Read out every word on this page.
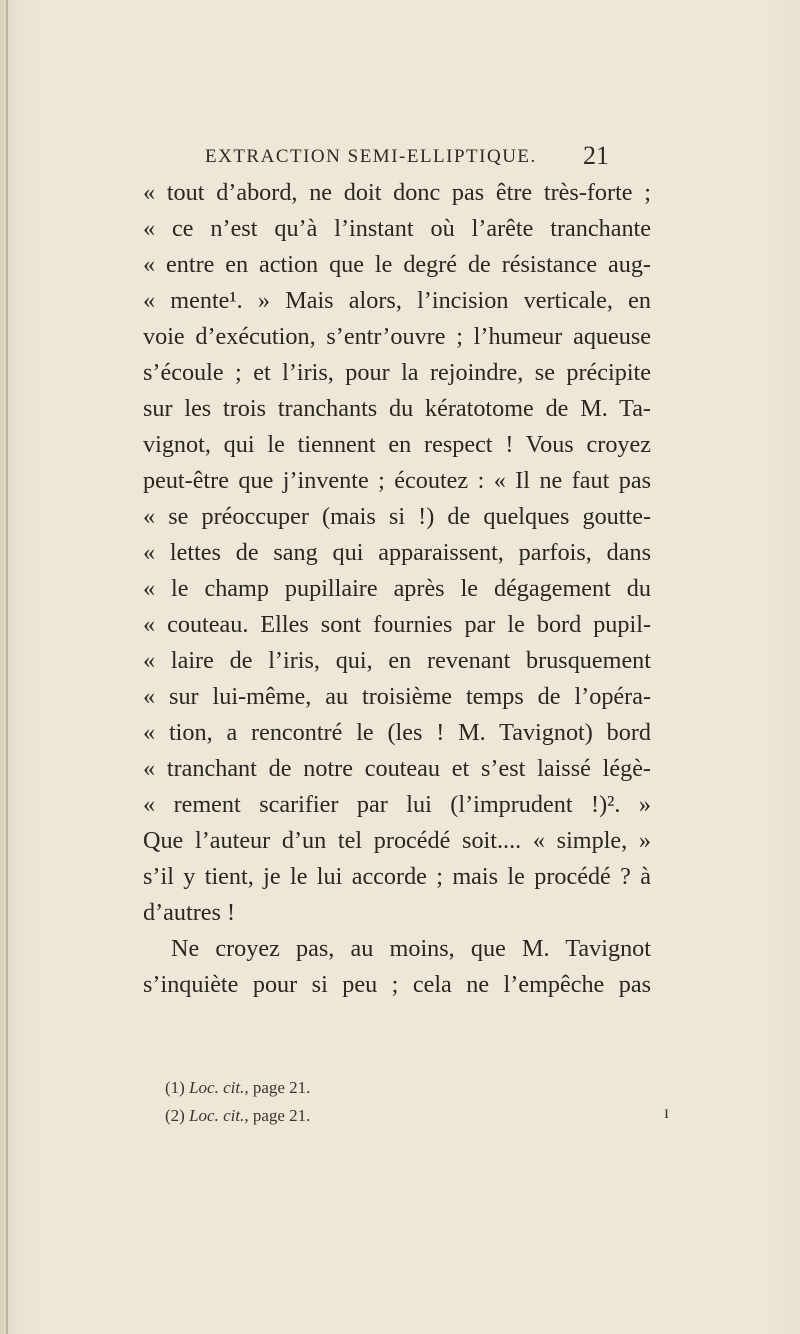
EXTRACTION SEMI-ELLIPTIQUE. 21
« tout d’abord, ne doit donc pas être très-forte ;
« ce n’est qu’à l’instant où l’arête tranchante
« entre en action que le degré de résistance aug-
« mente¹. » Mais alors, l’incision verticale, en
voie d’exécution, s’entr’ouvre ; l’humeur aqueuse
s’écoule ; et l’iris, pour la rejoindre, se précipite
sur les trois tranchants du kératotome de M. Ta-
vignot, qui le tiennent en respect ! Vous croyez
peut-être que j’invente ; écoutez : « Il ne faut pas
« se préoccuper (mais si !) de quelques goutte-
« lettes de sang qui apparaissent, parfois, dans
« le champ pupillaire après le dégagement du
« couteau. Elles sont fournies par le bord pupil-
« laire de l’iris, qui, en revenant brusquement
« sur lui-même, au troisième temps de l’opéra-
« tion, a rencontré le (les ! M. Tavignot) bord
« tranchant de notre couteau et s’est laissé légè-
« rement scarifier par lui (l’imprudent !)². »
Que l’auteur d’un tel procédé soit.... « simple, »
s’il y tient, je le lui accorde ; mais le procédé ? à
d’autres !
Ne croyez pas, au moins, que M. Tavignot
s’inquiète pour si peu ; cela ne l’empêche pas
(1) Loc. cit., page 21.
(2) Loc. cit., page 21.	ɪ
